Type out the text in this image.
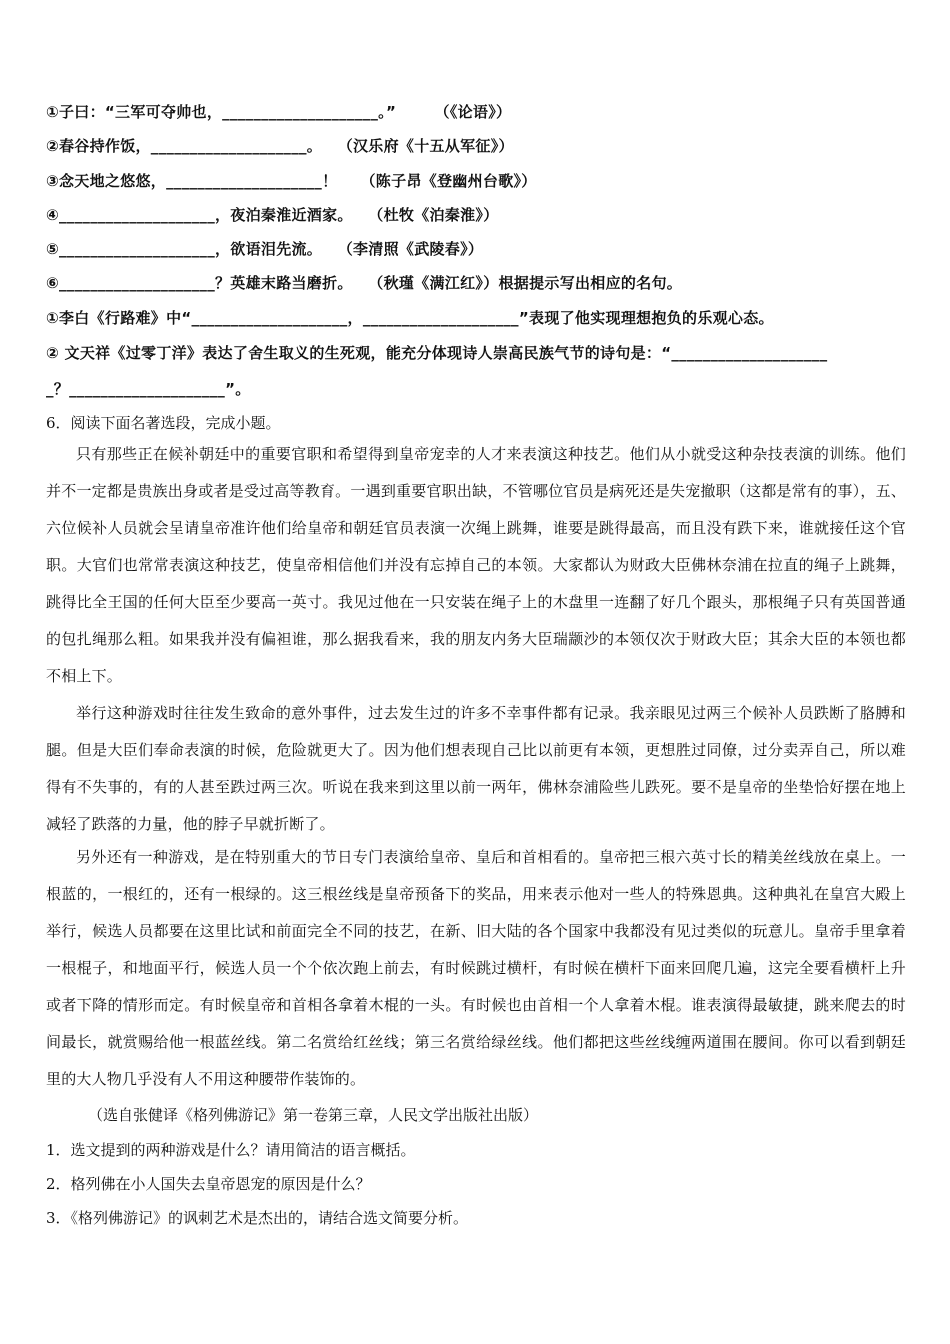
①子曰：“三军可夺帅也，____________________。”　　　（《论语》）
②春谷持作饭，____________________。　　（汉乐府《十五从军征》）
③念天地之悠悠，____________________！　　（陈子昂《登幽州台歌》）
④____________________，夜泊秦淮近酒家。　　（杜牧《泊秦淮》）
⑤____________________，欲语泪先流。　　（李清照《武陵春》）
⑥____________________？英雄末路当磨折。　　（秋瑾《满江红》）根据提示写出相应的名句。
①李白《行路难》中“____________________，____________________”表现了他实现理想抱负的乐观心态。
② 文天祥《过零丁洋》表达了舍生取义的生死观，能充分体现诗人崇高民族气节的诗句是：“____________________
_？____________________”。
6．阅读下面名著选段，完成小题。

只有那些正在候补朝廷中的重要官职和希望得到皇帝宠幸的人才来表演这种技艺。他们从小就受这种杂技表演的训练。他们并不一定都是贵族出身或者是受过高等教育。一遇到重要官职出缺，不管哪位官员是病死还是失宠撤职（这都是常有的事），五、六位候补人员就会呈请皇帝准许他们给皇帝和朝廷官员表演一次绳上跳舞，谁要是跳得最高，而且没有跌下来，谁就接任这个官职。大官们也常常表演这种技艺，使皇帝相信他们并没有忘掉自己的本领。大家都认为财政大臣佛林奈浦在拉直的绳子上跳舞，跳得比全王国的任何大臣至少要高一英寸。我见过他在一只安装在绳子上的木盘里一连翻了好几个跟头，那根绳子只有英国普通的包扎绳那么粗。如果我并没有偏袒谁，那么据我看来，我的朋友内务大臣瑞颛沙的本领仅次于财政大臣；其余大臣的本领也都不相上下。

举行这种游戏时往往发生致命的意外事件，过去发生过的许多不幸事件都有记录。我亲眼见过两三个候补人员跌断了胳膊和腿。但是大臣们奉命表演的时候，危险就更大了。因为他们想表现自己比以前更有本领，更想胜过同僚，过分卖弄自己，所以难得有不失事的，有的人甚至跌过两三次。听说在我来到这里以前一两年，佛林奈浦险些儿跌死。要不是皇帝的坐垫恰好摆在地上减轻了跌落的力量，他的脖子早就折断了。

另外还有一种游戏，是在特别重大的节日专门表演给皇帝、皇后和首相看的。皇帝把三根六英寸长的精美丝线放在桌上。一根蓝的，一根红的，还有一根绿的。这三根丝线是皇帝预备下的奖品，用来表示他对一些人的特殊恩典。这种典礼在皇宫大殿上举行，候选人员都要在这里比试和前面完全不同的技艺，在新、旧大陆的各个国家中我都没有见过类似的玩意儿。皇帝手里拿着一根棍子，和地面平行，候选人员一个个依次跑上前去，有时候跳过横杆，有时候在横杆下面来回爬几遍，这完全要看横杆上升或者下降的情形而定。有时候皇帝和首相各拿着木棍的一头。有时候也由首相一个人拿着木棍。谁表演得最敏捷，跳来爬去的时间最长，就赏赐给他一根蓝丝线。第二名赏给红丝线；第三名赏给绿丝线。他们都把这些丝线缠两道围在腰间。你可以看到朝廷里的大人物几乎没有人不用这种腰带作装饰的。

（选自张健译《格列佛游记》第一卷第三章，人民文学出版社出版）
1．选文提到的两种游戏是什么？请用简洁的语言概括。
2．格列佛在小人国失去皇帝恩宠的原因是什么？
3．《格列佛游记》的讽刺艺术是杰出的，请结合选文简要分析。
